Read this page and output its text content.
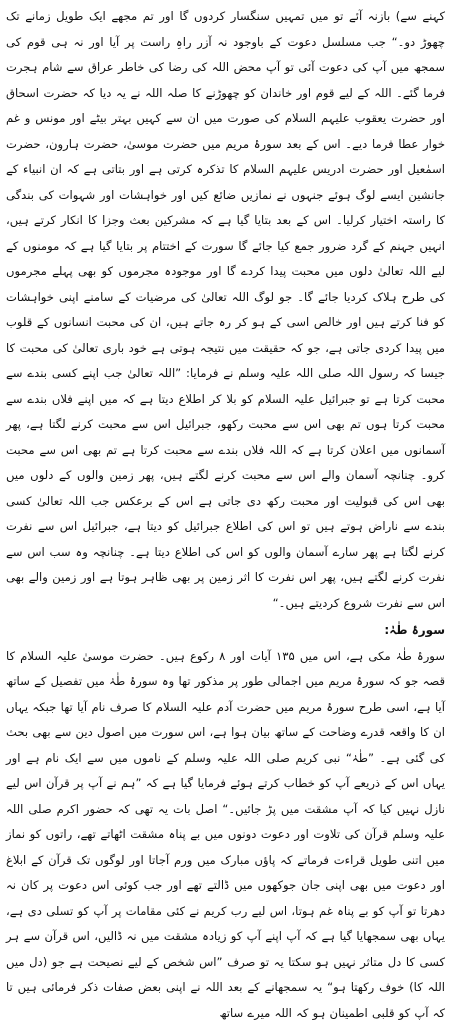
کہنے سے) بازنہ آئے تو میں تمہیں سنگسار کردوں گا اور تم مجھے ایک طویل زمانے تک چھوڑ دو۔“ جب مسلسل دعوت کے باوجود نہ آزر راہِ راست پر آیا اور نہ ہی قوم کی سمجھ میں آپ کی دعوت آئی تو آپ محض اللہ کی رضا کی خاطر عراق سے شام ہجرت فرما گئے۔ اللہ کے لیے قوم اور خاندان کو چھوڑنے کا صلہ اللہ نے یہ دیا کہ حضرت اسحاق اور حضرت یعقوب علیہم السلام کی صورت میں ان سے کہیں بہتر بیٹے اور مونس و غم خوار عطا فرما دیے۔ اس کے بعد سورۂ مریم میں حضرت موسیٰ، حضرت ہارون، حضرت اسمٰعیل اور حضرت ادریس علیہم السلام کا تذکرہ کرتی ہے اور بتاتی ہے کہ ان انبیاء کے جانشین ایسے لوگ ہوئے جنہوں نے نمازیں ضائع کیں اور خواہشات اور شہوات کی بندگی کا راستہ اختیار کرلیا۔ اس کے بعد بتایا گیا ہے کہ مشرکین بعث وجزا کا انکار کرتے ہیں، انہیں جہنم کے گرد ضرور جمع کیا جائے گا سورت کے اختتام پر بتایا گیا ہے کہ مومنوں کے لیے اللہ تعالیٰ دلوں میں محبت پیدا کردے گا اور موجودہ مجرموں کو بھی پہلے مجرموں کی طرح ہلاک کردیا جائے گا۔ جو لوگ اللہ تعالیٰ کی مرضیات کے سامنے اپنی خواہشات کو فنا کرتے ہیں اور خالص اسی کے ہو کر رہ جاتے ہیں، ان کی محبت انسانوں کے قلوب میں پیدا کردی جاتی ہے، جو کہ حقیقت میں نتیجہ ہوتی ہے خود باری تعالیٰ کی محبت کا جیسا کہ رسول اللہ صلی اللہ علیہ وسلم نے فرمایا: ”اللہ تعالیٰ جب اپنے کسی بندے سے محبت کرتا ہے تو جبرائیل علیہ السلام کو بلا کر اطلاع دیتا ہے کہ میں اپنے فلاں بندے سے محبت کرتا ہوں تم بھی اس سے محبت رکھو، جبرائیل اس سے محبت کرنے لگتا ہے، پھر آسمانوں میں اعلان کرتا ہے کہ اللہ فلاں بندے سے محبت کرتا ہے تم بھی اس سے محبت کرو۔ چنانچہ آسمان والے اس سے محبت کرنے لگتے ہیں، پھر زمین والوں کے دلوں میں بھی اس کی قبولیت اور محبت رکھ دی جاتی ہے اس کے برعکس جب اللہ تعالیٰ کسی بندے سے ناراض ہوتے ہیں تو اس کی اطلاع جبرائیل کو دیتا ہے، جبرائیل اس سے نفرت کرنے لگتا ہے پھر سارے آسمان والوں کو اس کی اطلاع دیتا ہے۔ چنانچہ وہ سب اس سے نفرت کرنے لگتے ہیں، پھر اس نفرت کا اثر زمین پر بھی ظاہر ہوتا ہے اور زمین والے بھی اس سے نفرت شروع کردیتے ہیں۔“

سورۂ طٰہٰ:

سورۂ طٰہٰ مکی ہے، اس میں ۱۳۵ آیات اور ۸ رکوع ہیں۔ حضرت موسیٰ علیہ السلام کا قصہ جو کہ سورۂ مریم میں اجمالی طور پر مذکور تھا وہ سورۂ طٰہٰ میں تفصیل کے ساتھ آیا ہے، اسی طرح سورۂ مریم میں حضرت آدم علیہ السلام کا صرف نام آیا تھا جبکہ یہاں ان کا واقعہ قدرے وضاحت کے ساتھ بیان ہوا ہے، اس سورت میں اصول دین سے بھی بحث کی گئی ہے۔ ”طٰہٰ“ نبی کریم صلی اللہ علیہ وسلم کے ناموں میں سے ایک نام ہے اور یہاں اس کے ذریعے آپ کو خطاب کرتے ہوئے فرمایا گیا ہے کہ ”ہم نے آپ پر قرآن اس لیے نازل نہیں کیا کہ آپ مشقت میں پڑ جائیں۔“ اصل بات یہ تھی کہ حضور اکرم صلی اللہ علیہ وسلم قرآن کی تلاوت اور دعوت دونوں میں بے پناہ مشقت اٹھاتے تھے، راتوں کو نماز میں اتنی طویل قراءت فرماتے کہ پاؤں مبارک میں ورم آجاتا اور لوگوں تک قرآن کے ابلاغ اور دعوت میں بھی اپنی جان جوکھوں میں ڈالتے تھے اور جب کوئی اس دعوت پر کان نہ دھرتا تو آپ کو بے پناہ غم ہوتا، اس لیے رب کریم نے کئی مقامات پر آپ کو تسلی دی ہے، یہاں بھی سمجھایا گیا ہے کہ آپ اپنے آپ کو زیادہ مشقت میں نہ ڈالیں، اس قرآن سے ہر کسی کا دل متاثر نہیں ہو سکتا یہ تو صرف ”اس شخص کے لیے نصیحت ہے جو (دل میں اللہ کا) خوف رکھتا ہو“ یہ سمجھانے کے بعد اللہ نے اپنی بعض صفات ذکر فرمائی ہیں تا کہ آپ کو قلبی اطمینان ہو کہ اللہ میرے ساتھ
